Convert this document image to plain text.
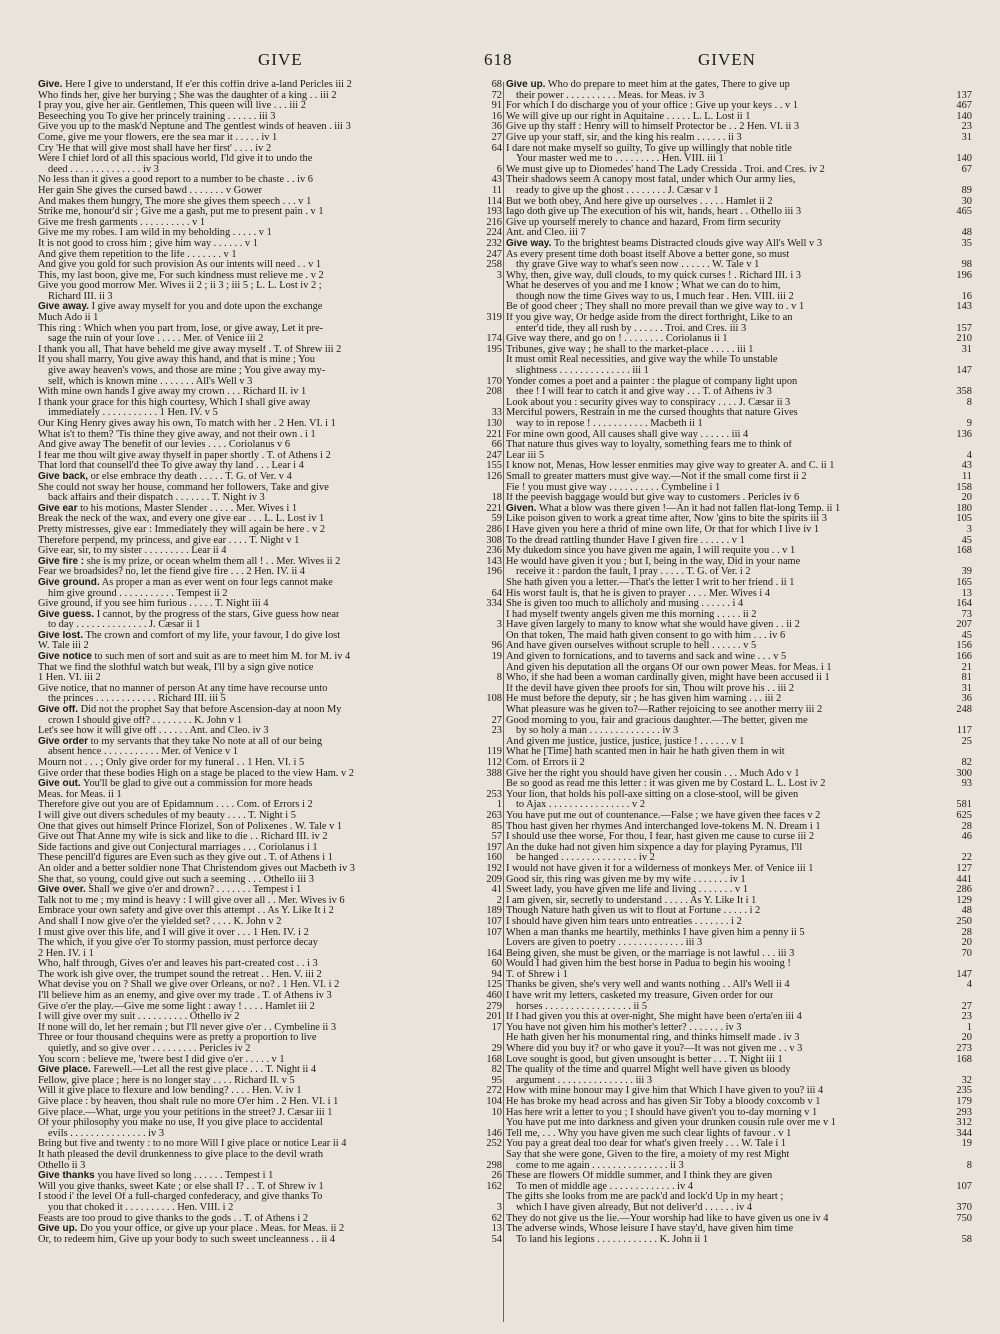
GIVE	618	GIVEN
Give. Here I give to understand, If e'er this coffin drive a-land Pericles iii 2	68
Who finds her, give her burying ; She was the daughter of a king . . iii 2	72
I pray you, give her air. Gentlemen, This queen will live . . . iii 2	91
Beseeching you To give her princely training . . . . . . iii 3	16
Give you up to the mask'd Neptune and The gentlest winds of heaven . iii 3	36
Come, give me your flowers, ere the sea mar it . . . . . iv 1	27
Cry 'He that will give most shall have her first' . . . . iv 2	64
Were I chief lord of all this spacious world, I'ld give it to undo the
deed . . . . . . . . . . . . . . iv 3	6
No less than it gives a good report to a number to be chaste . . iv 6	43
Her gain She gives the cursed bawd . . . . . . . v Gower	11
And makes them hungry, The more she gives them speech . . . v 1	114
Strike me, honour'd sir ; Give me a gash, put me to present pain . v 1	193
Give me fresh garments . . . . . . . . . . v 1	216
Give me my robes. I am wild in my beholding . . . . . v 1	224
It is not good to cross him ; give him way . . . . . . v 1	232
And give them repetition to the life . . . . . . . v 1	247
And give you gold for such provision As our intents will need . . v 1	258
This, my last boon, give me, For such kindness must relieve me . v 2	3
Give you good morrow Mer. Wives ii 2 ; ii 3 ; iii 5 ; L. L. Lost iv 2 ;
Richard III. ii 3
Give away. I give away myself for you and dote upon the exchange
Much Ado ii 1	319
This ring : Which when you part from, lose, or give away, Let it pre-
sage the ruin of your love . . . . . Mer. of Venice iii 2	174
I thank you all, That have beheld me give away myself . T. of Shrew iii 2	195
If you shall marry, You give away this hand, and that is mine ; You
give away heaven's vows, and those are mine ; You give away my-
self, which is known mine . . . . . . . All's Well v 3	170
With mine own hands I give away my crown . . . Richard II. iv 1	208
I thank your grace for this high courtesy, Which I shall give away
immediately . . . . . . . . . . . 1 Hen. IV. v 5	33
Our King Henry gives away his own, To match with her . 2 Hen. VI. i 1	130
What is't to them? 'Tis thine they give away, and not their own . i 1	221
And give away The benefit of our levies . . . . Coriolanus v 6	66
I fear me thou wilt give away thyself in paper shortly . T. of Athens i 2	247
That lord that counsell'd thee To give away thy land . . . Lear i 4	155
Give back, or else embrace thy death . . . . . T. G. of Ver. v 4	126
She could not sway her house, command her followers, Take and give
back affairs and their dispatch . . . . . . . T. Night iv 3	18
Give ear to his motions, Master Slender . . . . . Mer. Wives i 1	221
Break the neck of the wax, and every one give ear . . . L. L. Lost iv 1	59
Pretty mistresses, give ear : Immediately they will again be here . v 2	286
Therefore perpend, my princess, and give ear . . . . T. Night v 1	308
Give ear, sir, to my sister . . . . . . . . . Lear ii 4	236
Give fire : she is my prize, or ocean whelm them all ! . . Mer. Wives ii 2	143
Fear we broadsides? no, let the fiend give fire . . . 2 Hen. IV. ii 4	196
Give ground. As proper a man as ever went on four legs cannot make
him give ground . . . . . . . . . . . Tempest ii 2	64
Give ground, if you see him furious . . . . . T. Night iii 4	334
Give guess. I cannot, by the progress of the stars, Give guess how near
to day . . . . . . . . . . . . . . J. Cæsar ii 1	3
Give lost. The crown and comfort of my life, your favour, I do give lost
W. Tale iii 2	96
Give notice to such men of sort and suit as are to meet him M. for M. iv 4	19
That we find the slothful watch but weak, I'll by a sign give notice
1 Hen. VI. iii 2	8
Give notice, that no manner of person At any time have recourse unto
the princes . . . . . . . . . . . . Richard III. iii 5	108
Give off. Did not the prophet Say that before Ascension-day at noon My
crown I should give off? . . . . . . . . K. John v 1	27
Let's see how it will give off . . . . . . Ant. and Cleo. iv 3	23
Give order to my servants that they take No note at all of our being
absent hence . . . . . . . . . . . Mer. of Venice v 1	119
Mourn not . . . ; Only give order for my funeral . . 1 Hen. VI. i 5	112
Give order that these bodies High on a stage be placed to the view Ham. v 2	388
Give out. You'll be glad to give out a commission for more heads
Meas. for Meas. ii 1	253
Therefore give out you are of Epidamnum . . . . Com. of Errors i 2	1
I will give out divers schedules of my beauty . . . . T. Night i 5	263
One that gives out himself Prince Florizel, Son of Polixenes . W. Tale v 1	85
Give out That Anne my wife is sick and like to die . . Richard III. iv 2	57
Side factions and give out Conjectural marriages . . . Coriolanus i 1	197
These pencill'd figures are Even such as they give out . T. of Athens i 1	160
An older and a better soldier none That Christendom gives out Macbeth iv 3	192
She that, so young, could give out such a seeming . . . Othello iii 3	209
Give over. Shall we give o'er and drown? . . . . . . . Tempest i 1	41
Talk not to me ; my mind is heavy : I will give over all . . Mer. Wives iv 6	2
Embrace your own safety and give over this attempt . . As Y. Like It i 2	189
And shall I now give o'er the yielded set? . . . . K. John v 2	107
I must give over this life, and I will give it over . . . 1 Hen. IV. i 2	107
The which, if you give o'er To stormy passion, must perforce decay
2 Hen. IV. i 1	164
Who, half through, Gives o'er and leaves his part-created cost . . i 3	60
The work ish give over, the trumpet sound the retreat . . Hen. V. iii 2	94
What devise you on ? Shall we give over Orleans, or no? . 1 Hen. VI. i 2	125
I'll believe him as an enemy, and give over my trade . T. of Athens iv 3	460
Give o'er the play.—Give me some light : away ! . . . . Hamlet iii 2	279
I will give over my suit . . . . . . . . . . Othello iv 2	201
If none will do, let her remain ; but I'll never give o'er . . Cymbeline ii 3	17
Three or four thousand chequins were as pretty a proportion to live
quietly, and so give over . . . . . . . . . Pericles iv 2	29
You scorn : believe me, 'twere best I did give o'er . . . . . v 1	168
Give place. Farewell.—Let all the rest give place . . . T. Night ii 4	82
Fellow, give place ; here is no longer stay . . . . Richard II. v 5	95
Will it give place to flexure and low bending? . . . . Hen. V. iv 1	272
Give place : by heaven, thou shalt rule no more O'er him . 2 Hen. VI. i 1	104
Give place.—What, urge you your petitions in the street? J. Cæsar iii 1	10
Of your philosophy you make no use, If you give place to accidental
evils . . . . . . . . . . . . . . . iv 3	146
Bring but five and twenty : to no more Will I give place or notice Lear ii 4	252
It hath pleased the devil drunkenness to give place to the devil wrath
Othello ii 3	298
Give thanks you have lived so long . . . . . . Tempest i 1	26
Will you give thanks, sweet Kate ; or else shall I? . . T. of Shrew iv 1	162
I stood i' the level Of a full-charged confederacy, and give thanks To
you that choked it . . . . . . . . . . Hen. VIII. i 2	3
Feasts are too proud to give thanks to the gods . . T. of Athens i 2	62
Give up. Do you your office, or give up your place . Meas. for Meas. ii 2	13
Or, to redeem him, Give up your body to such sweet uncleanness . . ii 4	54
Give up. Who do prepare to meet him at the gates, There to give up
their power . . . . . . . . . . Meas. for Meas. iv 3	137
For which I do discharge you of your office : Give up your keys . . v 1	467
We will give up our right in Aquitaine . . . . . L. L. Lost ii 1	140
Give up thy staff : Henry will to himself Protector be . . 2 Hen. VI. ii 3	23
Give up your staff, sir, and the king his realm . . . . . . ii 3	31
I dare not make myself so guilty, To give up willingly that noble title
Your master wed me to . . . . . . . . . Hen. VIII. iii 1	140
We must give up to Diomedes' hand The Lady Cressida . Troi. and Cres. iv 2	67
Their shadows seem A canopy most fatal, under which Our army lies,
ready to give up the ghost . . . . . . . . J. Cæsar v 1	89
But we both obey, And here give up ourselves . . . . . Hamlet ii 2	30
Iago doth give up The execution of his wit, hands, heart . . Othello iii 3	465
Give up yourself merely to chance and hazard, From firm security
Ant. and Cleo. iii 7	48
Give way. To the brightest beams Distracted clouds give way All's Well v 3	35
As every present time doth boast itself Above a better gone, so must
thy grave Give way to what's seen now . . . . . . W. Tale v 1	98
Why, then, give way, dull clouds, to my quick curses ! . Richard III. i 3	196
What he deserves of you and me I know ; What we can do to him,
though now the time Gives way to us, I much fear . Hen. VIII. iii 2	16
Be of good cheer ; They shall no more prevail than we give way to . v 1	143
If you give way, Or hedge aside from the direct forthright, Like to an
enter'd tide, they all rush by . . . . . . Troi. and Cres. iii 3	157
Give way there, and go on ! . . . . . . . . Coriolanus ii 1	210
Tribunes, give way ; he shall to the market-place . . . . . iii 1	31
It must omit Real necessities, and give way the while To unstable
slightness . . . . . . . . . . . . . . iii 1	147
Yonder comes a poet and a painter : the plague of company light upon
thee ! I will fear to catch it and give way . . . T. of Athens iv 3	358
Look about you : security gives way to conspiracy . . . . J. Cæsar ii 3	8
Merciful powers, Restrain in me the cursed thoughts that nature Gives
way to in repose ! . . . . . . . . . . . Macbeth ii 1	9
For mine own good, All causes shall give way . . . . . . iii 4	136
That nature thus gives way to loyalty, something fears me to think of
Lear iii 5	4
I know not, Menas, How lesser enmities may give way to greater A. and C. ii 1	43
Small to greater matters must give way.—Not if the small come first ii 2	11
Fie ! you must give way . . . . . . . . . . Cymbeline i 1	158
If the peevish baggage would but give way to customers . Pericles iv 6	20
Given. What a blow was there given !—An it had not fallen flat-long Temp. ii 1	180
Like poison given to work a great time after, Now 'gins to bite the spirits iii 3	105
I Have given you here a thrid of mine own life, Or that for which I live iv 1	3
To the dread rattling thunder Have I given fire . . . . . . v 1	45
My dukedom since you have given me again, I will requite you . . v 1	168
He would have given it you ; but I, being in the way, Did in your name
receive it : pardon the fault, I pray . . . . . T. G. of Ver. i 2	39
She hath given you a letter.—That's the letter I writ to her friend . ii 1	165
His worst fault is, that he is given to prayer . . . . Mer. Wives i 4	13
She is given too much to allicholy and musing . . . . . . i 4	164
I had myself twenty angels given me this morning . . . . . ii 2	73
Have given largely to many to know what she would have given . . ii 2	207
On that token, The maid hath given consent to go with him . . . iv 6	45
And have given ourselves without scruple to hell . . . . . . v 5	156
And given to fornications, and to taverns and sack and wine . . . v 5	166
And given his deputation all the organs Of our own power Meas. for Meas. i 1	21
Who, if she had been a woman cardinally given, might have been accused ii 1	81
If the devil have given thee proofs for sin, Thou wilt prove his . . iii 2	31
He must before the deputy, sir ; he has given him warning . . . iii 2	36
What pleasure was he given to?—Rather rejoicing to see another merry iii 2	248
Good morning to you, fair and gracious daughter.—The better, given me
by so holy a man . . . . . . . . . . . . . . iv 3	117
And given me justice, justice, justice, justice ! . . . . . . v 1	25
What he [Time] hath scanted men in hair he hath given them in wit
Com. of Errors ii 2	82
Give her the right you should have given her cousin . . . Much Ado v 1	300
Be so good as read me this letter : it was given me by Costard L. L. Lost iv 2	93
Your lion, that holds his poll-axe sitting on a close-stool, will be given
to Ajax . . . . . . . . . . . . . . . . v 2	581
You have put me out of countenance.—False ; we have given thee faces v 2	625
Thou hast given her rhymes And interchanged love-tokens M. N. Dream i 1	28
I should use thee worse, For thou, I fear, hast given me cause to curse iii 2	46
An the duke had not given him sixpence a day for playing Pyramus, I'll
be hanged . . . . . . . . . . . . . . . iv 2	22
I would not have given it for a wilderness of monkeys Mer. of Venice iii 1	127
Good sir, this ring was given me by my wife . . . . . . . iv 1	441
Sweet lady, you have given me life and living . . . . . . . v 1	286
I am given, sir, secretly to understand . . . . . As Y. Like It i 1	129
Though Nature hath given us wit to flout at Fortune . . . . . i 2	48
I should have given him tears unto entreaties . . . . . . . i 2	250
When a man thanks me heartily, methinks I have given him a penny ii 5	28
Lovers are given to poetry . . . . . . . . . . . . . iii 3	20
Being given, she must be given, or the marriage is not lawful . . . iii 3	70
Would I had given him the best horse in Padua to begin his wooing !
T. of Shrew i 1	147
Thanks be given, she's very well and wants nothing . . All's Well ii 4	4
I have writ my letters, casketed my treasure, Given order for our
horses . . . . . . . . . . . . . . . . . ii 5	27
If I had given you this at over-night, She might have been o'erta'en iii 4	23
You have not given him his mother's letter? . . . . . . . iv 3	1
He hath given her his monumental ring, and thinks himself made . iv 3	20
Where did you buy it? or who gave it you?—It was not given me . . v 3	273
Love sought is good, but given unsought is better . . . T. Night iii 1	168
The quality of the time and quarrel Might well have given us bloody
argument . . . . . . . . . . . . . . . iii 3	32
How with mine honour may I give him that Which I have given to you? iii 4	235
He has broke my head across and has given Sir Toby a bloody coxcomb v 1	179
Has here writ a letter to you ; I should have given't you to-day morning v 1	293
You have put me into darkness and given your drunken cousin rule over me v 1	312
Tell me, . . . Why you have given me such clear lights of favour . v 1	344
You pay a great deal too dear for what's given freely . . . W. Tale i 1	19
Say that she were gone, Given to the fire, a moiety of my rest Might
come to me again . . . . . . . . . . . . . . . ii 3	8
These are flowers Of middle summer, and I think they are given
To men of middle age . . . . . . . . . . . . . iv 4	107
The gifts she looks from me are pack'd and lock'd Up in my heart ;
which I have given already, But not deliver'd . . . . . . iv 4	370
They do not give us the lie.—Your worship had like to have given us one iv 4	750
The adverse winds, Whose leisure I have stay'd, have given him time
To land his legions . . . . . . . . . . . . K. John ii 1	58
